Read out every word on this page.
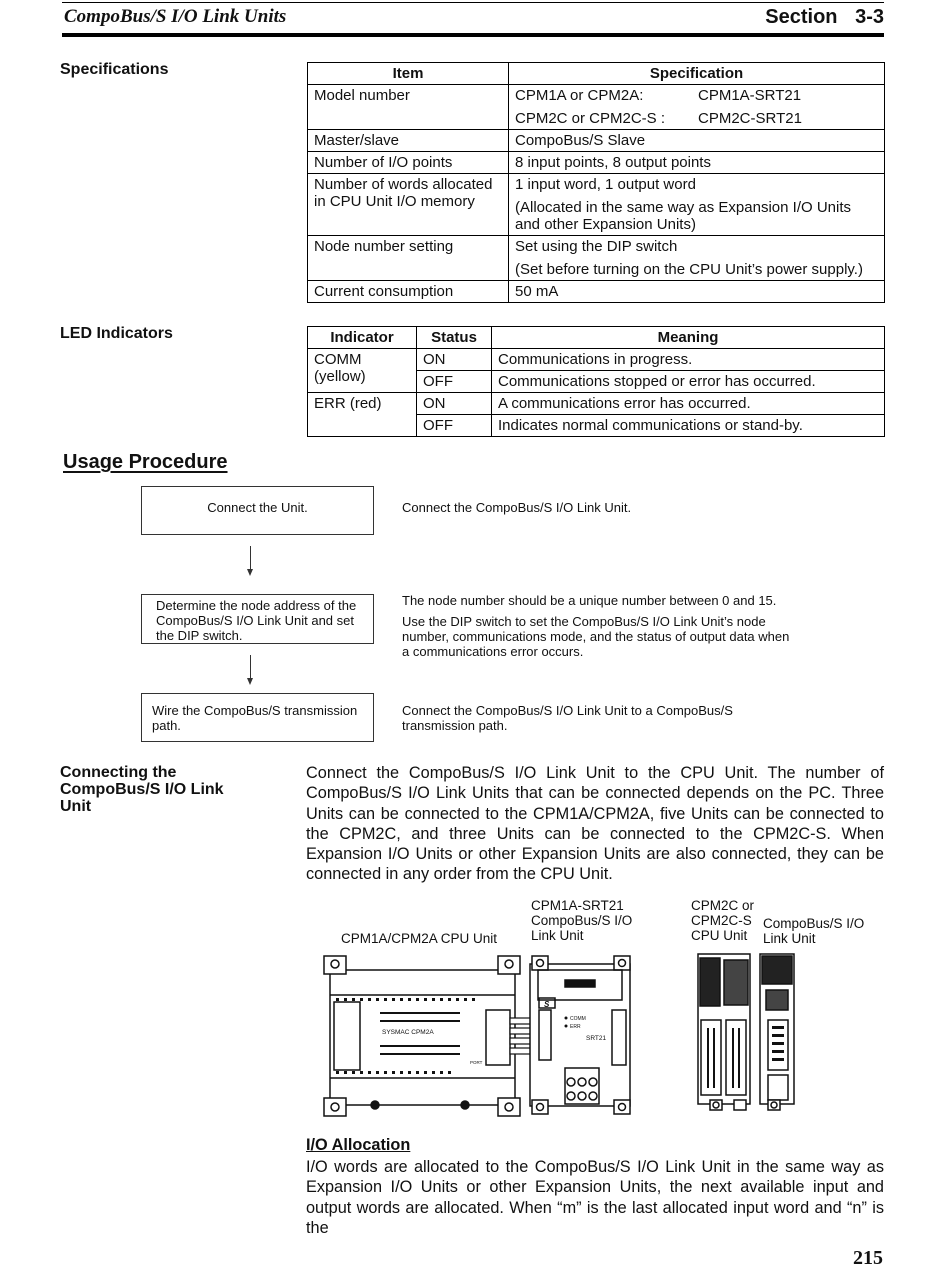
CompoBus/S I/O Link Units	Section 3-3
Specifications	Item	Specification
Model number	CPM1A or CPM2A: CPM1A-SRT21
CPM2C or CPM2C-S : CPM2C-SRT21

Master/slave	CompoBus/S Slave
Number of I/O points	8 input points, 8 output points
Number of words allocated in CPU Unit I/O memory	1 input word, 1 output word
(Allocated in the same way as Expansion I/O Units and other Expansion Units)

Node number setting	Set using the DIP switch
(Set before turning on the CPU Unit’s power supply.)

Current consumption	50 mA
LED Indicators	Indicator	Status	Meaning
COMM (yellow)	ON	Communications in progress.
	OFF	Communications stopped or error has occurred.
ERR (red)	ON	A communications error has occurred.
	OFF	Indicates normal communications or stand-by.
Usage Procedure
Connect the Unit.	Connect the CompoBus/S I/O Link Unit.
Determine the node address of the CompoBus/S I/O Link Unit and set the DIP switch.
The node number should be a unique number between 0 and 15.
Use the DIP switch to set the CompoBus/S I/O Link Unit’s node number, communications mode, and the status of output data when a communications error occurs.
Wire the CompoBus/S transmission path.
Connect the CompoBus/S I/O Link Unit to a CompoBus/S transmission path.
Connecting the CompoBus/S I/O Link Unit
Connect the CompoBus/S I/O Link Unit to the CPU Unit. The number of CompoBus/S I/O Link Units that can be connected depends on the PC. Three Units can be connected to the CPM1A/CPM2A, five Units can be connected to the CPM2C, and three Units can be connected to the CPM2C-S. When Expansion I/O Units or other Expansion Units are also connected, they can be connected in any order from the CPU Unit.
CPM1A/CPM2A CPU Unit
CPM1A-SRT21 CompoBus/S I/O Link Unit
CPM2C or CPM2C-S CPU Unit
CompoBus/S I/O Link Unit
SYSMAC CPM2A
PORT
S
COMM
ERR
SRT21
I/O Allocation
I/O words are allocated to the CompoBus/S I/O Link Unit in the same way as Expansion I/O Units or other Expansion Units, the next available input and output words are allocated. When “m” is the last allocated input word and “n” is the
215
